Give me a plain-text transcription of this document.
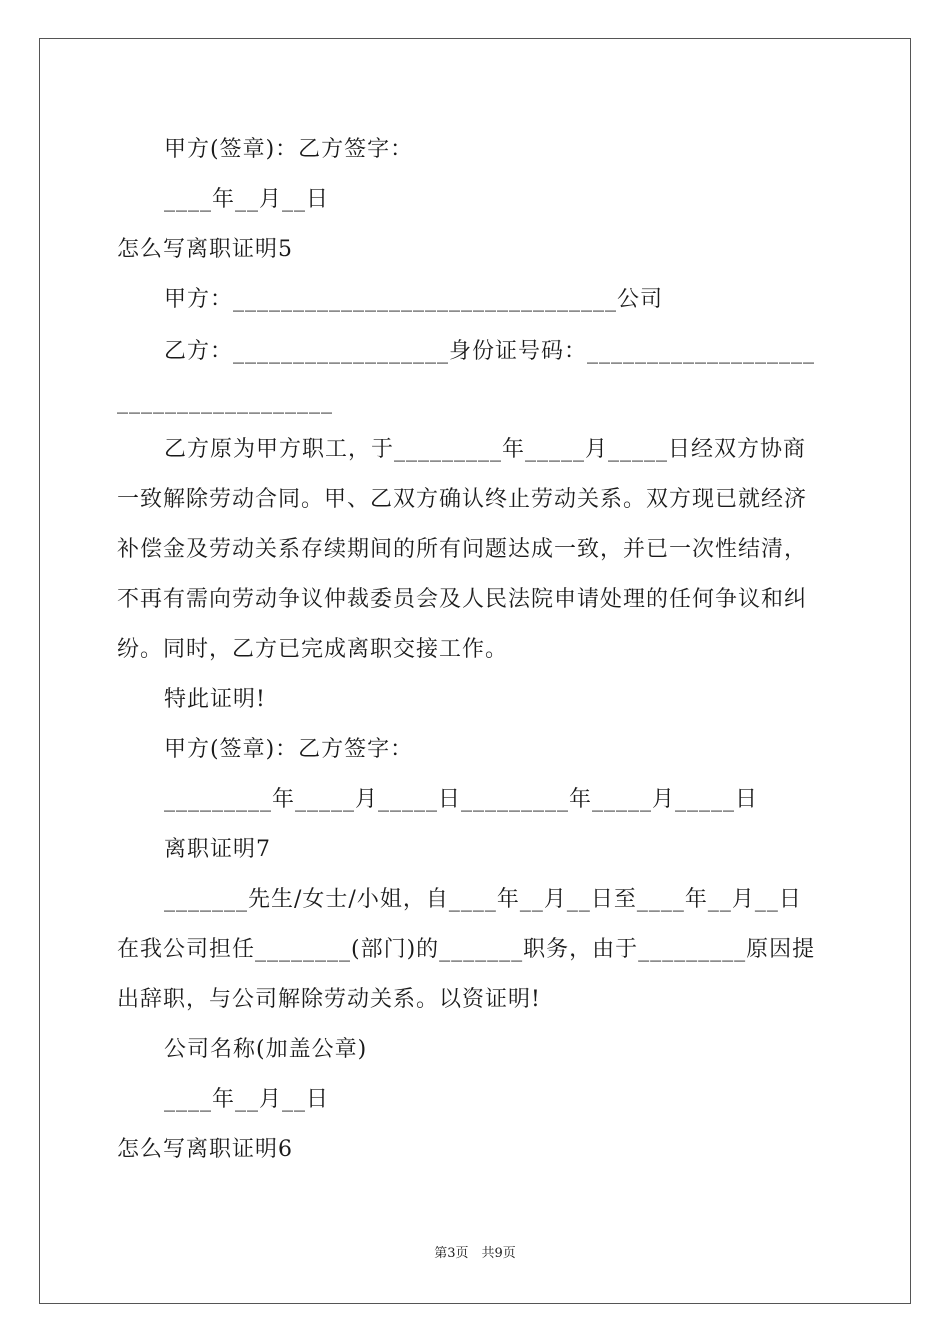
甲方(签章)：乙方签字：
____年__月__日
怎么写离职证明5
甲方：________________________________公司
乙方：__________________身份证号码：___________________
__________________
乙方原为甲方职工，于_________年_____月_____日经双方协商
一致解除劳动合同。甲、乙双方确认终止劳动关系。双方现已就经济
补偿金及劳动关系存续期间的所有问题达成一致，并已一次性结清，
不再有需向劳动争议仲裁委员会及人民法院申请处理的任何争议和纠
纷。同时，乙方已完成离职交接工作。
特此证明!
甲方(签章)：乙方签字：
_________年_____月_____日_________年_____月_____日
离职证明7
_______先生/女士/小姐，自____年__月__日至____年__月__日
在我公司担任________(部门)的_______职务，由于_________原因提
出辞职，与公司解除劳动关系。以资证明!
公司名称(加盖公章)
____年__月__日
怎么写离职证明6
第3页　共9页
